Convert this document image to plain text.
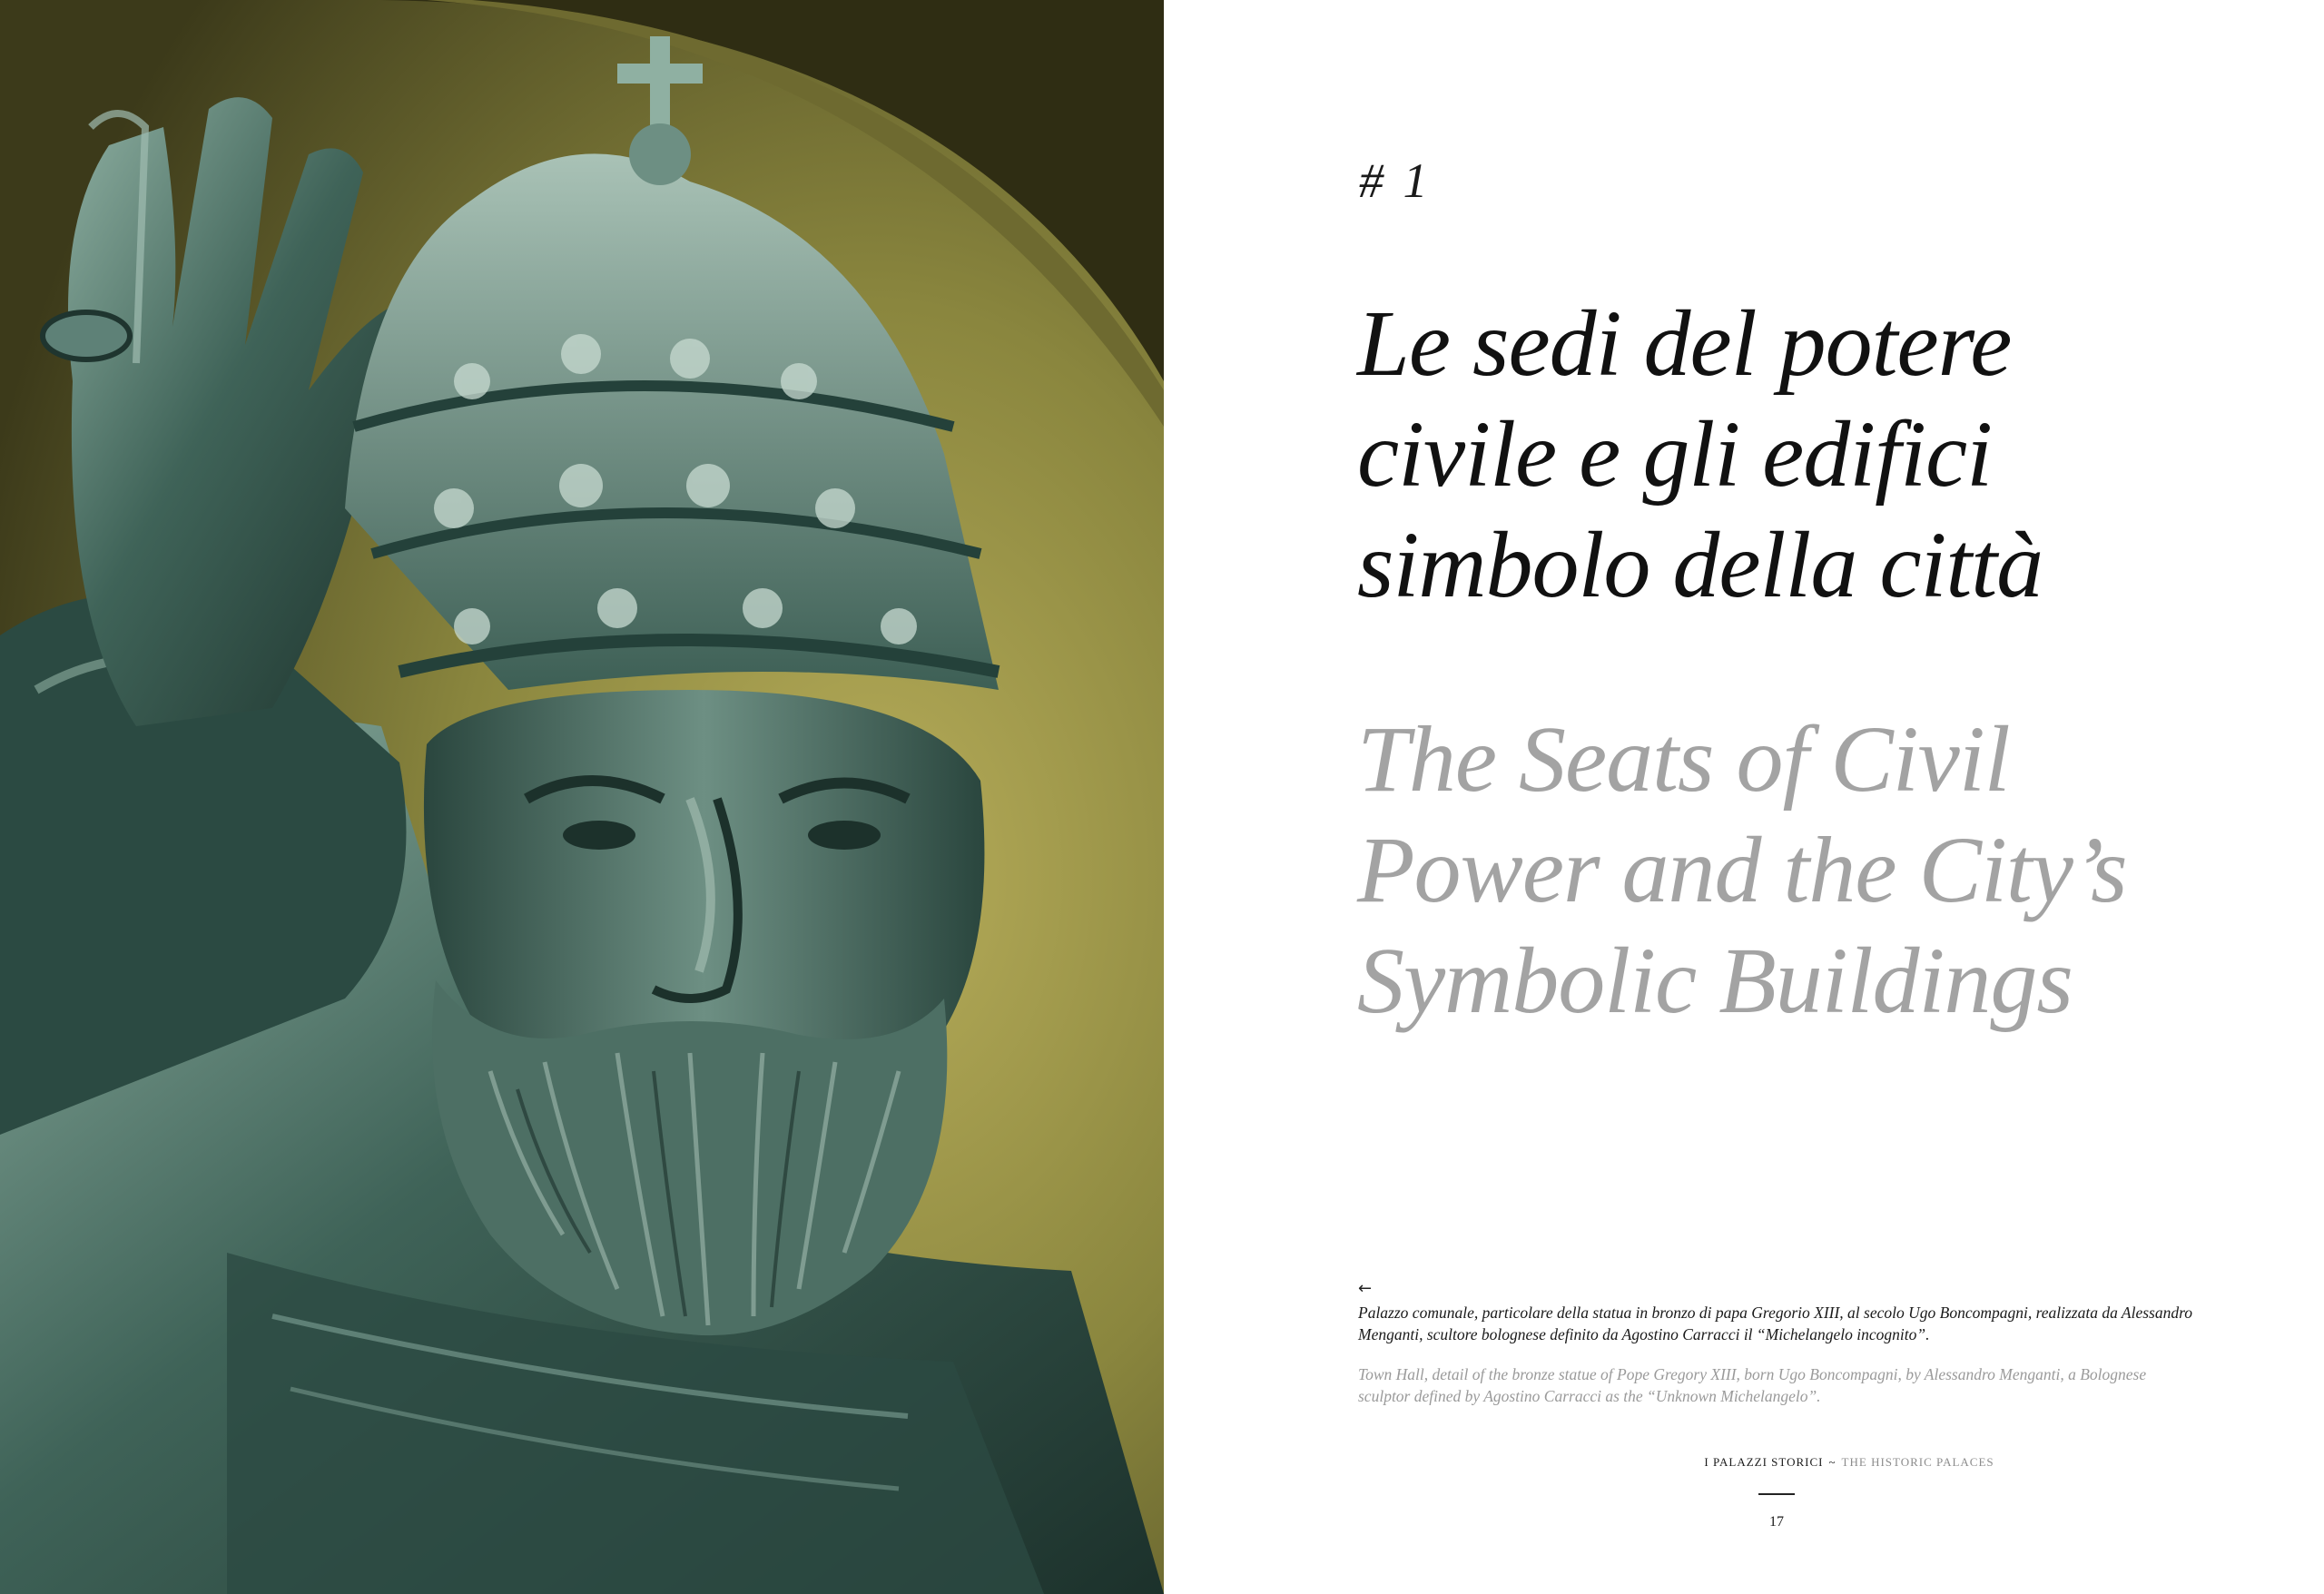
# 1

Le sedi del potere
civile e gli edifici
simbolo della città
The Seats of Civil
Power and the City’s
Symbolic Buildings

←

Palazzo comunale, particolare della statua in bronzo di papa Gregorio XIII, al secolo Ugo Boncompagni, realizzata da Alessandro Menganti, scultore bolognese definito da Agostino Carracci il “Michelangelo incognito”.

Town Hall, detail of the bronze statue of Pope Gregory XIII, born Ugo Boncompagni, by Alessandro Menganti, a Bolognese sculptor defined by Agostino Carracci as the “Unknown Michelangelo”.

I PALAZZI STORICI ~ THE HISTORIC PALACES
17
